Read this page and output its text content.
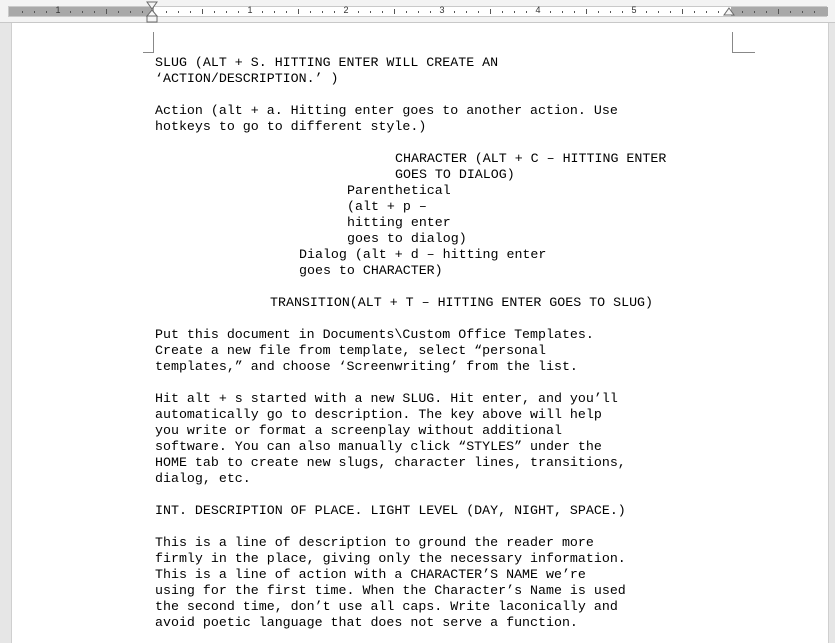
1	1	2	3	4	5
SLUG (ALT + S. HITTING ENTER WILL CREATE AN
‘ACTION/DESCRIPTION.’ )
Action (alt + a. Hitting enter goes to another action. Use
hotkeys to go to different style.)
CHARACTER (ALT + C – HITTING ENTER
GOES TO DIALOG)
Parenthetical
(alt + p –
hitting enter
goes to dialog)
Dialog (alt + d – hitting enter
goes to CHARACTER)
TRANSITION(ALT + T – HITTING ENTER GOES TO SLUG)
Put this document in Documents\Custom Office Templates.
Create a new file from template, select “personal
templates,” and choose ‘Screenwriting’ from the list.
Hit alt + s started with a new SLUG. Hit enter, and you’ll
automatically go to description. The key above will help
you write or format a screenplay without additional
software. You can also manually click “STYLES” under the
HOME tab to create new slugs, character lines, transitions,
dialog, etc.
INT. DESCRIPTION OF PLACE. LIGHT LEVEL (DAY, NIGHT, SPACE.)
This is a line of description to ground the reader more
firmly in the place, giving only the necessary information.
This is a line of action with a CHARACTER’S NAME we’re
using for the first time. When the Character’s Name is used
the second time, don’t use all caps. Write laconically and
avoid poetic language that does not serve a function.
